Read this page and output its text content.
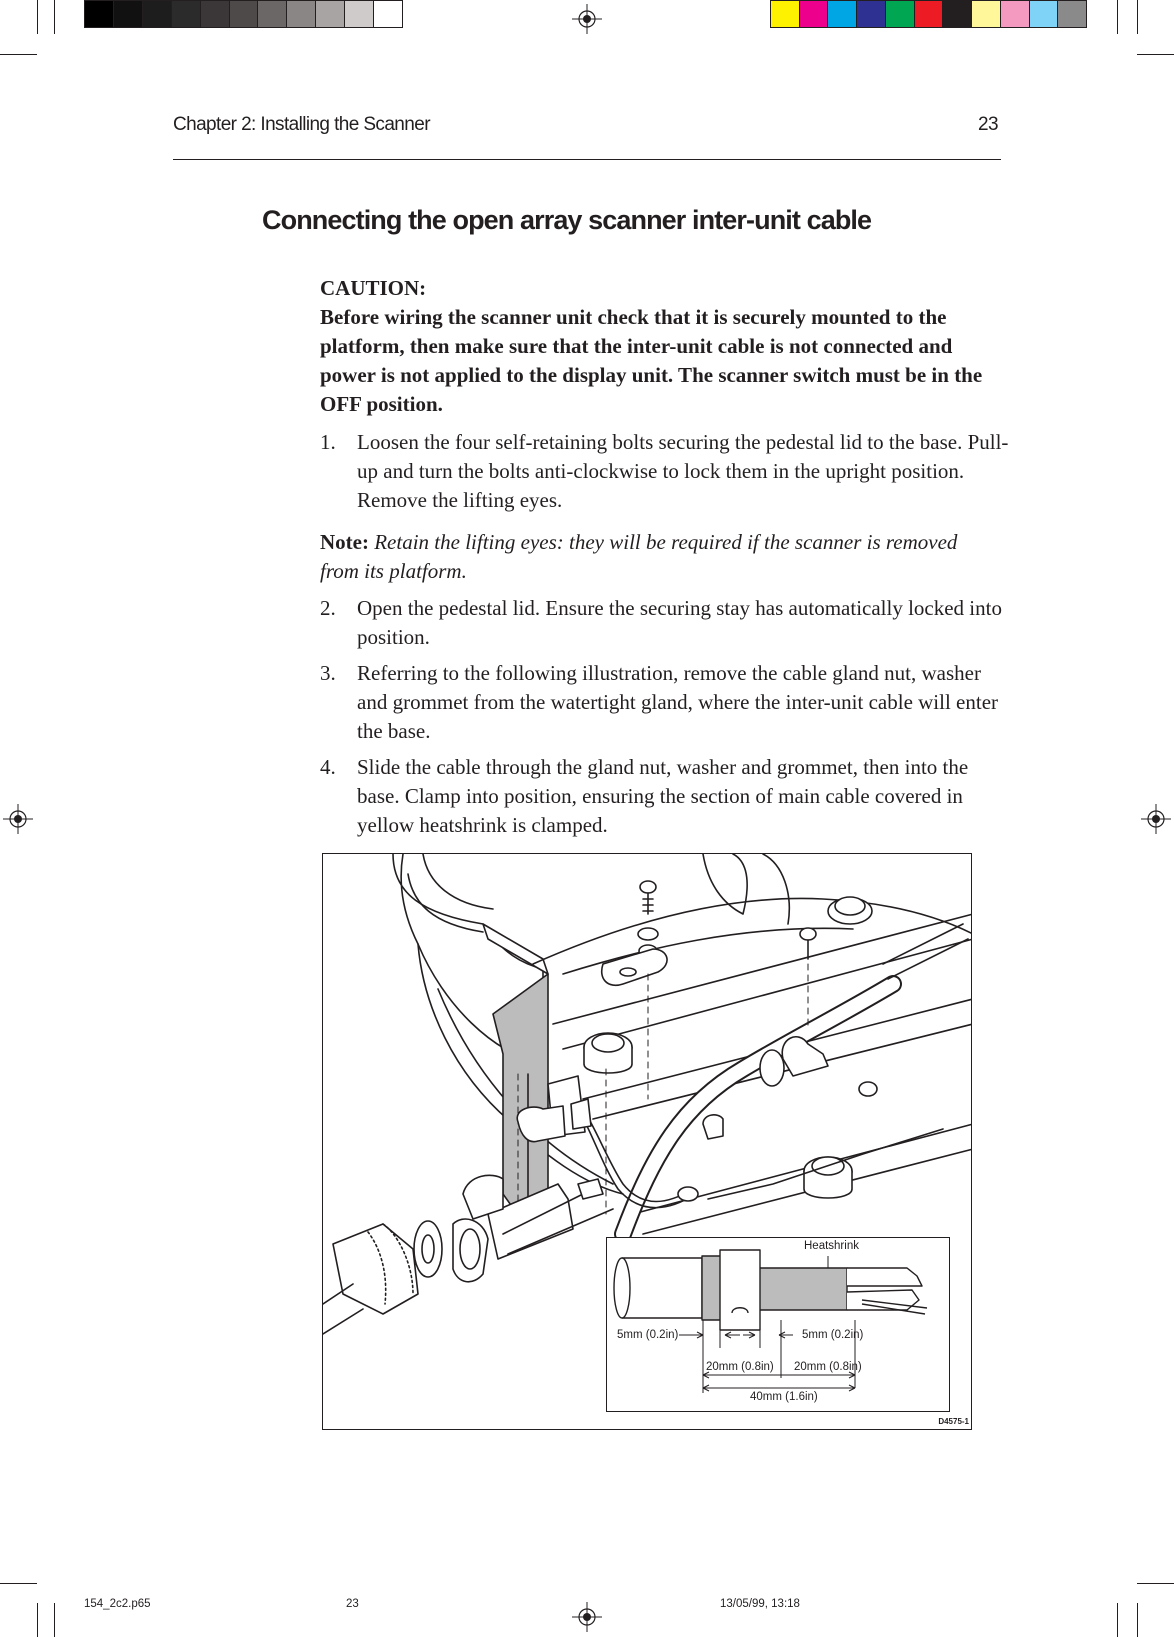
Chapter 2: Installing the Scanner	23
Connecting the open array scanner inter-unit cable
CAUTION:
Before wiring the scanner unit check that it is securely mounted to the platform, then make sure that the inter-unit cable is not connected and power is not applied to the display unit. The scanner switch must be in the OFF position.
1.	Loosen the four self-retaining bolts securing the pedestal lid to the base. Pull-up and turn the bolts anti-clockwise to lock them in the upright position. Remove the lifting eyes.
Note: Retain the lifting eyes: they will be required if the scanner is removed from its platform.
2.	Open the pedestal lid. Ensure the securing stay has automatically locked into position.
3.	Referring to the following illustration, remove the cable gland nut, washer and grommet from the watertight gland, where the inter-unit cable will enter the base.
4.	Slide the cable through the gland nut, washer and grommet, then into the base. Clamp into position, ensuring the section of main cable covered in yellow heatshrink is clamped.
Heatshrink
5mm (0.2in)	5mm (0.2in)
20mm (0.8in) 20mm (0.8in)
40mm (1.6in)
D4575-1
154_2c2.p65	23	13/05/99, 13:18
